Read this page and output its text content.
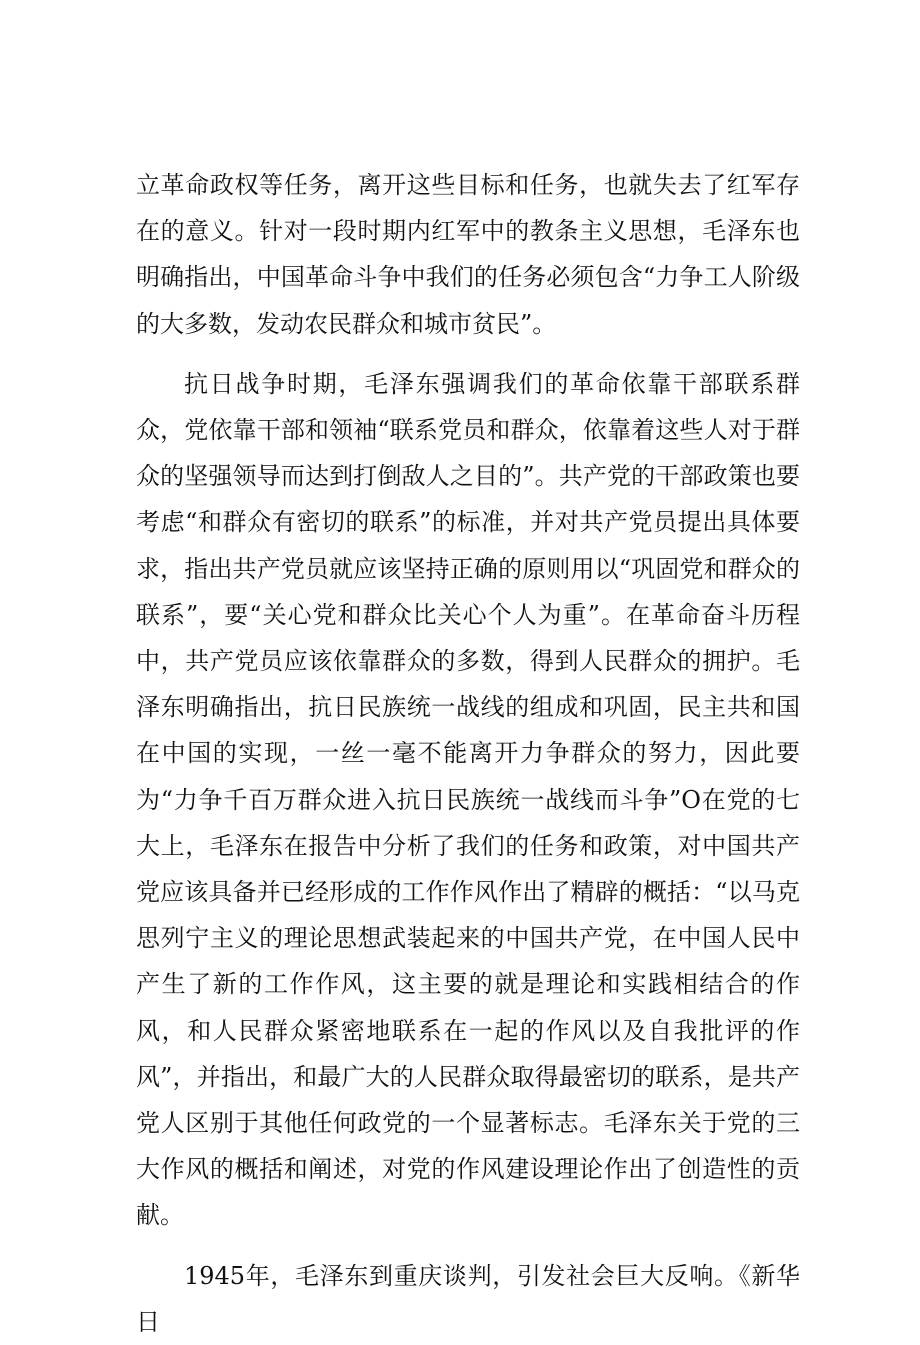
立革命政权等任务，离开这些目标和任务，也就失去了红军存在的意义。针对一段时期内红军中的教条主义思想，毛泽东也明确指出，中国革命斗争中我们的任务必须包含“力争工人阶级的大多数，发动农民群众和城市贫民”。

抗日战争时期，毛泽东强调我们的革命依靠干部联系群众，党依靠干部和领袖“联系党员和群众，依靠着这些人对于群众的坚强领导而达到打倒敌人之目的”。共产党的干部政策也要考虑“和群众有密切的联系”的标准，并对共产党员提出具体要求，指出共产党员就应该坚持正确的原则用以“巩固党和群众的联系”，要“关心党和群众比关心个人为重”。在革命奋斗历程中，共产党员应该依靠群众的多数，得到人民群众的拥护。毛泽东明确指出，抗日民族统一战线的组成和巩固，民主共和国在中国的实现，一丝一毫不能离开力争群众的努力，因此要为“力争千百万群众进入抗日民族统一战线而斗争”O在党的七大上，毛泽东在报告中分析了我们的任务和政策，对中国共产党应该具备并已经形成的工作作风作出了精辟的概括：“以马克思列宁主义的理论思想武装起来的中国共产党，在中国人民中产生了新的工作作风，这主要的就是理论和实践相结合的作风，和人民群众紧密地联系在一起的作风以及自我批评的作风”，并指出，和最广大的人民群众取得最密切的联系，是共产党人区别于其他任何政党的一个显著标志。毛泽东关于党的三大作风的概括和阐述，对党的作风建设理论作出了创造性的贡献。

1945年，毛泽东到重庆谈判，引发社会巨大反响。《新华日
